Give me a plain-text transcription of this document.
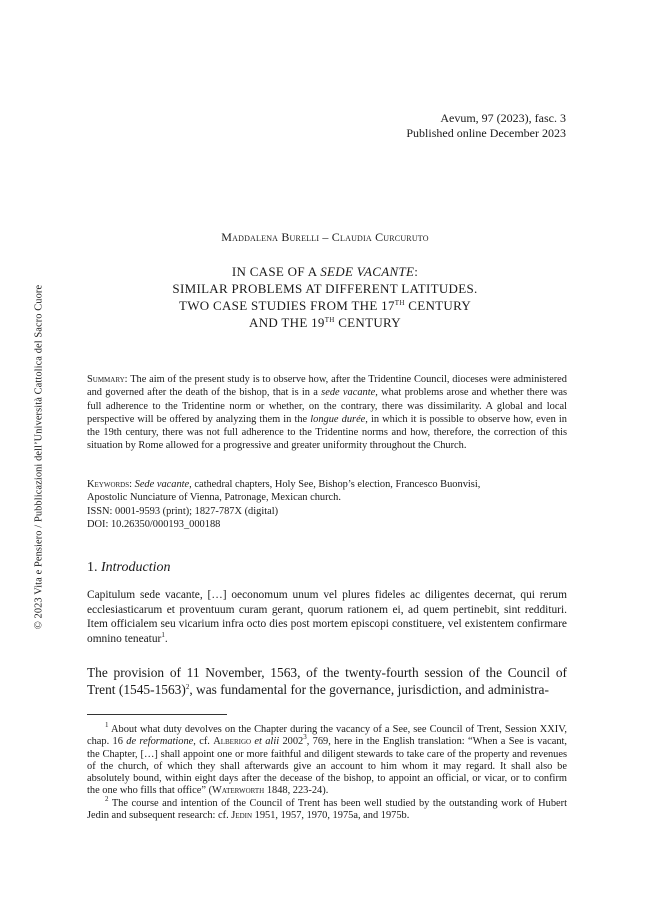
Aevum, 97 (2023), fasc. 3
Published online December 2023
Maddalena Burelli – Claudia Curcuruto
IN CASE OF A SEDE VACANTE:
SIMILAR PROBLEMS AT DIFFERENT LATITUDES.
TWO CASE STUDIES FROM THE 17TH CENTURY
AND THE 19TH CENTURY
Summary: The aim of the present study is to observe how, after the Tridentine Council, dioceses were administered and governed after the death of the bishop, that is in a sede vacante, what problems arose and whether there was full adherence to the Tridentine norm or whether, on the contrary, there was dissimilarity. A global and local perspective will be offered by analyzing them in the longue durée, in which it is possible to observe how, even in the 19th century, there was not full adherence to the Tridentine norms and how, therefore, the correction of this situation by Rome allowed for a progressive and greater uniformity throughout the Church.
Keywords: Sede vacante, cathedral chapters, Holy See, Bishop’s election, Francesco Buonvisi,
Apostolic Nunciature of Vienna, Patronage, Mexican church.
ISSN: 0001-9593 (print); 1827-787X (digital)
DOI: 10.26350/000193_000188
1. Introduction
Capitulum sede vacante, […] oeconomum unum vel plures fideles ac diligentes decernat, qui rerum ecclesiasticarum et proventuum curam gerant, quorum rationem ei, ad quem pertinebit, sint reddituri. Item officialem seu vicarium infra octo dies post mortem episcopi constituere, vel existentem confirmare omnino teneatur$^1$.
The provision of 11 November, 1563, of the twenty-fourth session of the Council of Trent (1545-1563)$^2$, was fundamental for the governance, jurisdiction, and administra-
$^1$ About what duty devolves on the Chapter during the vacancy of a See, see Council of Trent, Session XXIV, chap. 16 de reformatione, cf. Alberigo et alii 2002$^3$, 769, here in the English translation: “When a See is vacant, the Chapter, […] shall appoint one or more faithful and diligent stewards to take care of the property and revenues of the church, of which they shall afterwards give an account to him whom it may regard. It shall also be absolutely bound, within eight days after the decease of the bishop, to appoint an official, or vicar, or to confirm the one who fills that office” (Waterworth 1848, 223-24).
$^2$ The course and intention of the Council of Trent has been well studied by the outstanding work of Hubert Jedin and subsequent research: cf. Jedin 1951, 1957, 1970, 1975a, and 1975b.
© 2023 Vita e Pensiero / Pubblicazioni dell’Università Cattolica del Sacro Cuore
